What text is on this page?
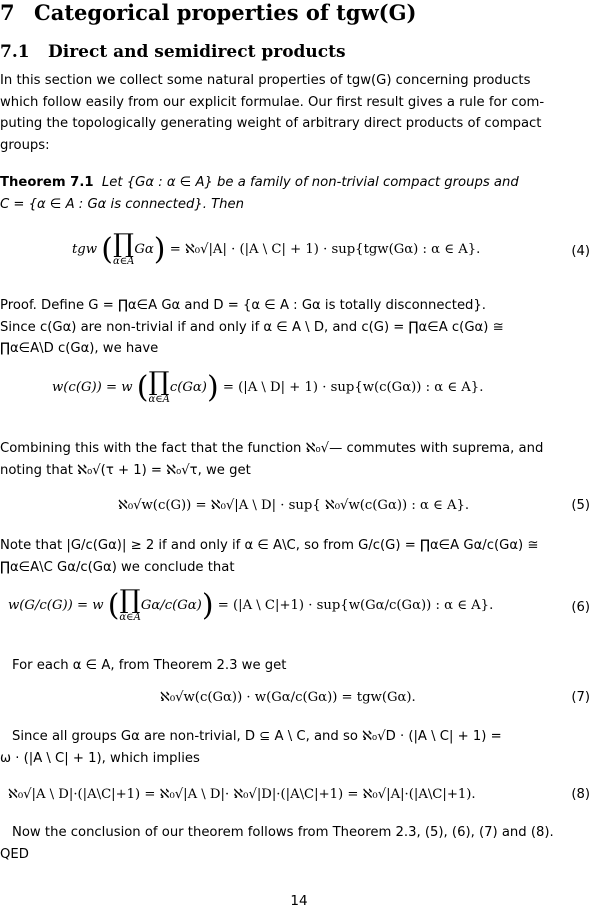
7 Categorical properties of tgw(G)
7.1 Direct and semidirect products
In this section we collect some natural properties of tgw(G) concerning products
which follow easily from our explicit formulae. Our first result gives a rule for com-
puting the topologically generating weight of arbitrary direct products of compact
groups:
Theorem 7.1 Let {Gα : α ∈ A} be a family of non-trivial compact groups and
C = {α ∈ A : Gα is connected}. Then
tgw ( ∏
α∈A
Gα) = ℵ₀√|A| · (|A \ C| + 1) · sup{tgw(Gα) : α ∈ A}.	(4)
Proof. Define G = ∏α∈A Gα and D = {α ∈ A : Gα is totally disconnected}.
Since c(Gα) are non-trivial if and only if α ∈ A \ D, and c(G) = ∏α∈A c(Gα) ≅
∏α∈A\D c(Gα), we have
w(c(G)) = w ( ∏
α∈A
c(Gα)) = (|A \ D| + 1) · sup{w(c(Gα)) : α ∈ A}.
Combining this with the fact that the function ℵ₀√— commutes with suprema, and
noting that ℵ₀√(τ + 1) = ℵ₀√τ, we get
ℵ₀√w(c(G)) = ℵ₀√|A \ D| · sup{ ℵ₀√w(c(Gα)) : α ∈ A}.	(5)
Note that |G/c(Gα)| ≥ 2 if and only if α ∈ A\C, so from G/c(G) = ∏α∈A Gα/c(Gα) ≅
∏α∈A\C Gα/c(Gα) we conclude that
w(G/c(G)) = w ( ∏
α∈A
Gα/c(Gα)) = (|A \ C|+1) · sup{w(Gα/c(Gα)) : α ∈ A}.	(6)
For each α ∈ A, from Theorem 2.3 we get
ℵ₀√w(c(Gα)) · w(Gα/c(Gα)) = tgw(Gα).	(7)
Since all groups Gα are non-trivial, D ⊆ A \ C, and so ℵ₀√D · (|A \ C| + 1) =
ω · (|A \ C| + 1), which implies
ℵ₀√|A \ D|·(|A\C|+1) = ℵ₀√|A \ D|· ℵ₀√|D|·(|A\C|+1) = ℵ₀√|A|·(|A\C|+1).	(8)
Now the conclusion of our theorem follows from Theorem 2.3, (5), (6), (7) and (8).
QED
14
